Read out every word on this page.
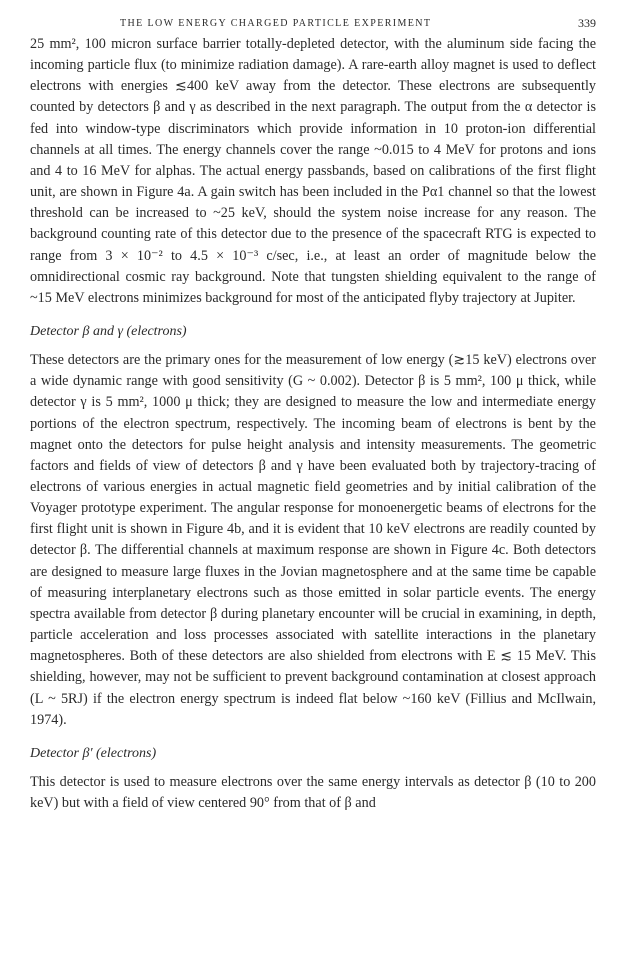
THE LOW ENERGY CHARGED PARTICLE EXPERIMENT	339

25 mm², 100 micron surface barrier totally-depleted detector, with the aluminum side facing the incoming particle flux (to minimize radiation damage). A rare-earth alloy magnet is used to deflect electrons with energies ≲400 keV away from the detector. These electrons are subsequently counted by detectors β and γ as described in the next paragraph. The output from the α detector is fed into window-type discriminators which provide information in 10 proton-ion differential channels at all times. The energy channels cover the range ~0.015 to 4 MeV for protons and ions and 4 to 16 MeV for alphas. The actual energy passbands, based on calibrations of the first flight unit, are shown in Figure 4a. A gain switch has been included in the Pα1 channel so that the lowest threshold can be increased to ~25 keV, should the system noise increase for any reason. The background counting rate of this detector due to the presence of the spacecraft RTG is expected to range from 3 × 10⁻² to 4.5 × 10⁻³ c/sec, i.e., at least an order of magnitude below the omnidirectional cosmic ray background. Note that tungsten shielding equivalent to the range of ~15 MeV electrons minimizes background for most of the anticipated flyby trajectory at Jupiter.

Detector β and γ (electrons)

These detectors are the primary ones for the measurement of low energy (≳15 keV) electrons over a wide dynamic range with good sensitivity (G ~ 0.002). Detector β is 5 mm², 100 μ thick, while detector γ is 5 mm², 1000 μ thick; they are designed to measure the low and intermediate energy portions of the electron spectrum, respectively. The incoming beam of electrons is bent by the magnet onto the detectors for pulse height analysis and intensity measurements. The geometric factors and fields of view of detectors β and γ have been evaluated both by trajectory-tracing of electrons of various energies in actual magnetic field geometries and by initial calibration of the Voyager prototype experiment. The angular response for monoenergetic beams of electrons for the first flight unit is shown in Figure 4b, and it is evident that 10 keV electrons are readily counted by detector β. The differential channels at maximum response are shown in Figure 4c. Both detectors are designed to measure large fluxes in the Jovian magnetosphere and at the same time be capable of measuring interplanetary electrons such as those emitted in solar particle events. The energy spectra available from detector β during planetary encounter will be crucial in examining, in depth, particle acceleration and loss processes associated with satellite interactions in the planetary magnetospheres. Both of these detectors are also shielded from electrons with E ≲ 15 MeV. This shielding, however, may not be sufficient to prevent background contamination at closest approach (L ~ 5RJ) if the electron energy spectrum is indeed flat below ~160 keV (Fillius and McIlwain, 1974).

Detector β′ (electrons)

This detector is used to measure electrons over the same energy intervals as detector β (10 to 200 keV) but with a field of view centered 90° from that of β and
